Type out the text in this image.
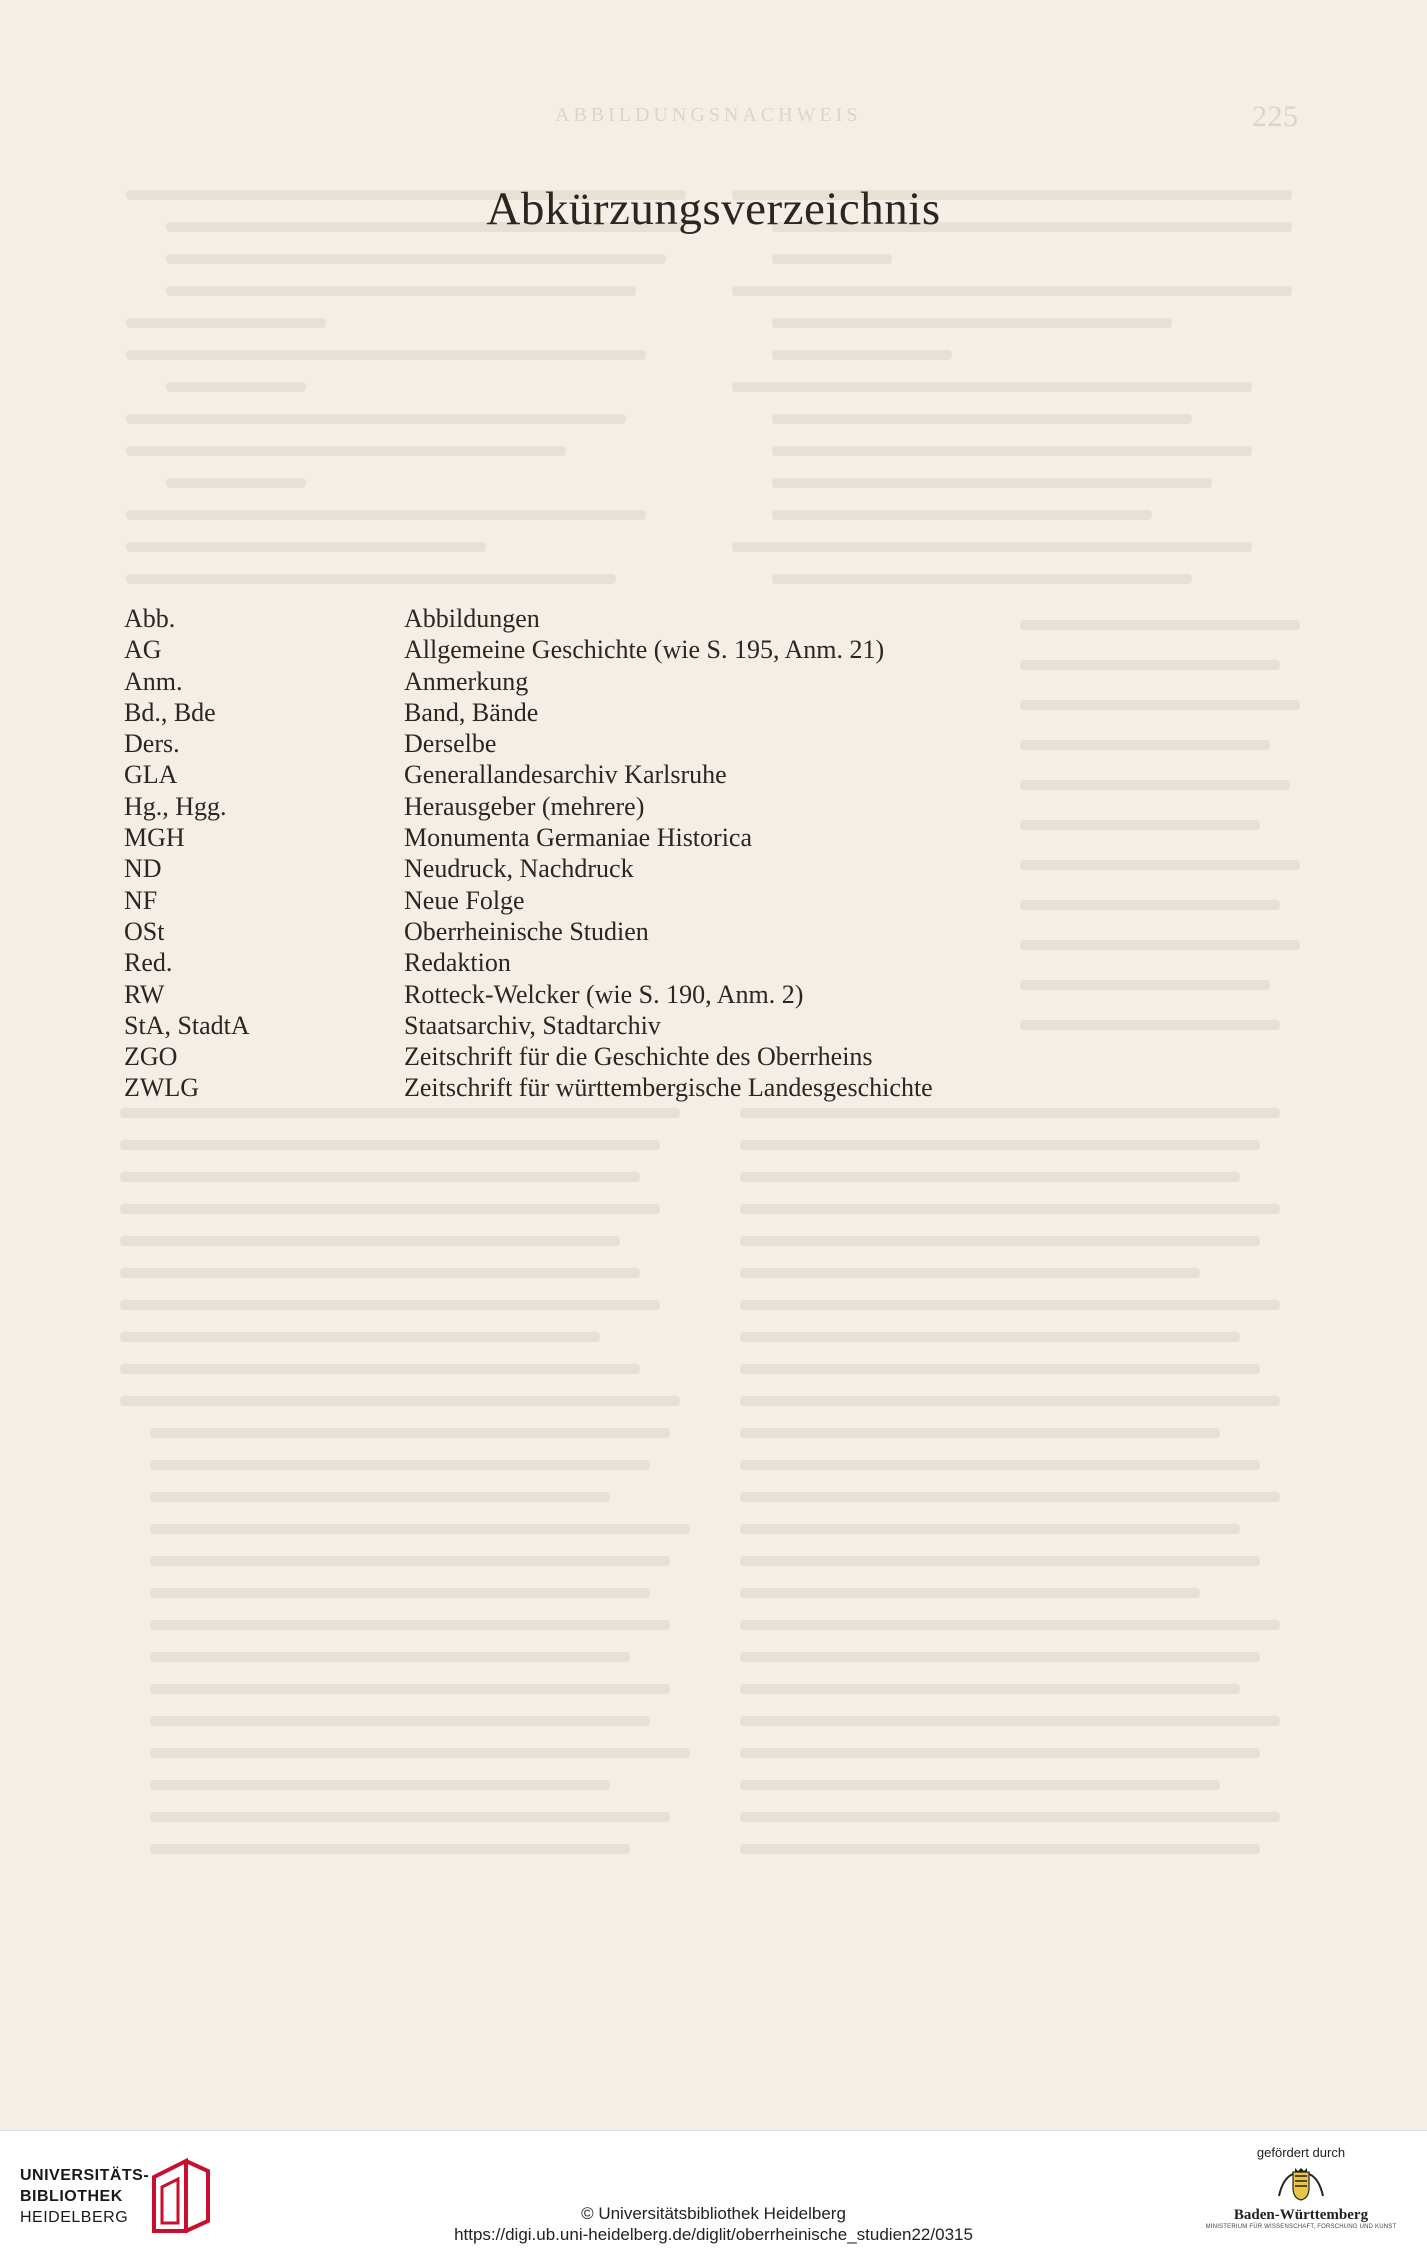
ABBILDUNGSNACHWEIS	225
Abkürzungsverzeichnis
Abb.	Abbildungen
AG	Allgemeine Geschichte (wie S. 195, Anm. 21)
Anm.	Anmerkung
Bd., Bde	Band, Bände
Ders.	Derselbe
GLA	Generallandesarchiv Karlsruhe
Hg., Hgg.	Herausgeber (mehrere)
MGH	Monumenta Germaniae Historica
ND	Neudruck, Nachdruck
NF	Neue Folge
OSt	Oberrheinische Studien
Red.	Redaktion
RW	Rotteck-Welcker (wie S. 190, Anm. 2)
StA, StadtA	Staatsarchiv, Stadtarchiv
ZGO	Zeitschrift für die Geschichte des Oberrheins
ZWLG	Zeitschrift für württembergische Landesgeschichte
UNIVERSITÄTS-
BIBLIOTHEK
HEIDELBERG	© Universitätsbibliothek Heidelberg
https://digi.ub.uni-heidelberg.de/diglit/oberrheinische_studien22/0315
gefördert durch
Baden-Württemberg
MINISTERIUM FÜR WISSENSCHAFT, FORSCHUNG UND KUNST
